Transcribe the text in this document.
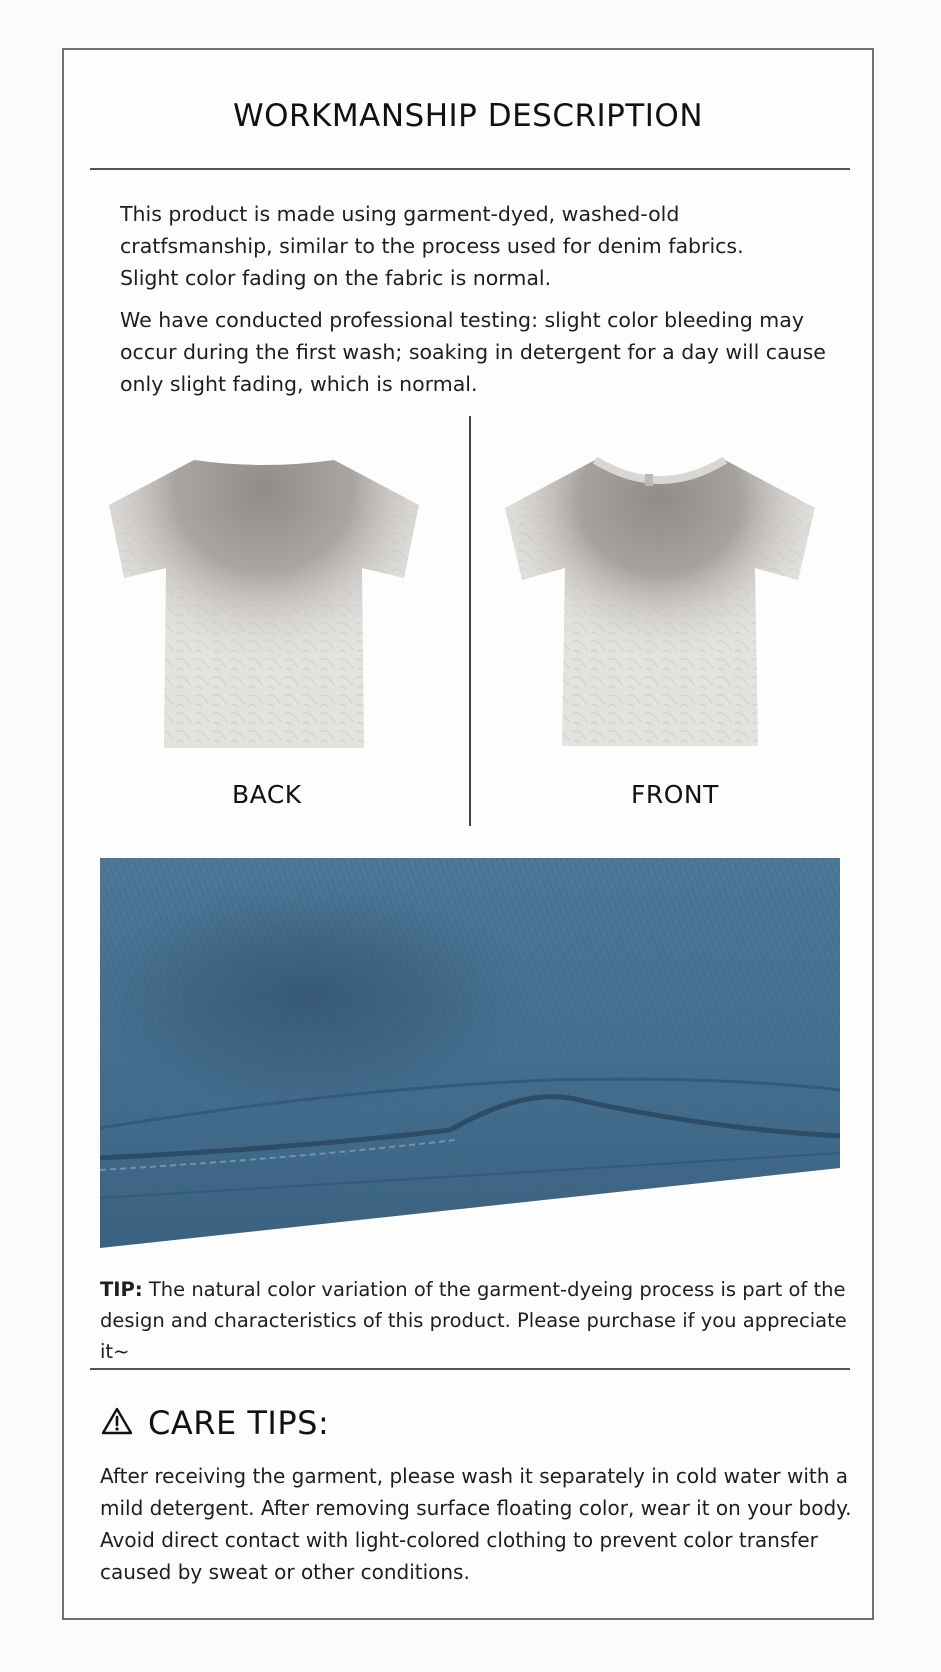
WORKMANSHIP DESCRIPTION
This product is made using garment-dyed, washed-old cratfsmanship, similar to the process used for denim fabrics. Slight color fading on the fabric is normal.
We have conducted professional testing: slight color bleeding may occur during the first wash; soaking in detergent for a day will cause only slight fading, which is normal.
BACK	FRONT
TIP: The natural color variation of the garment-dyeing process is part of the design and characteristics of this product. Please purchase if you appreciate it~
CARE TIPS:
After receiving the garment, please wash it separately in cold water with a mild detergent. After removing surface floating color, wear it on your body. Avoid direct contact with light-colored clothing to prevent color transfer caused by sweat or other conditions.
